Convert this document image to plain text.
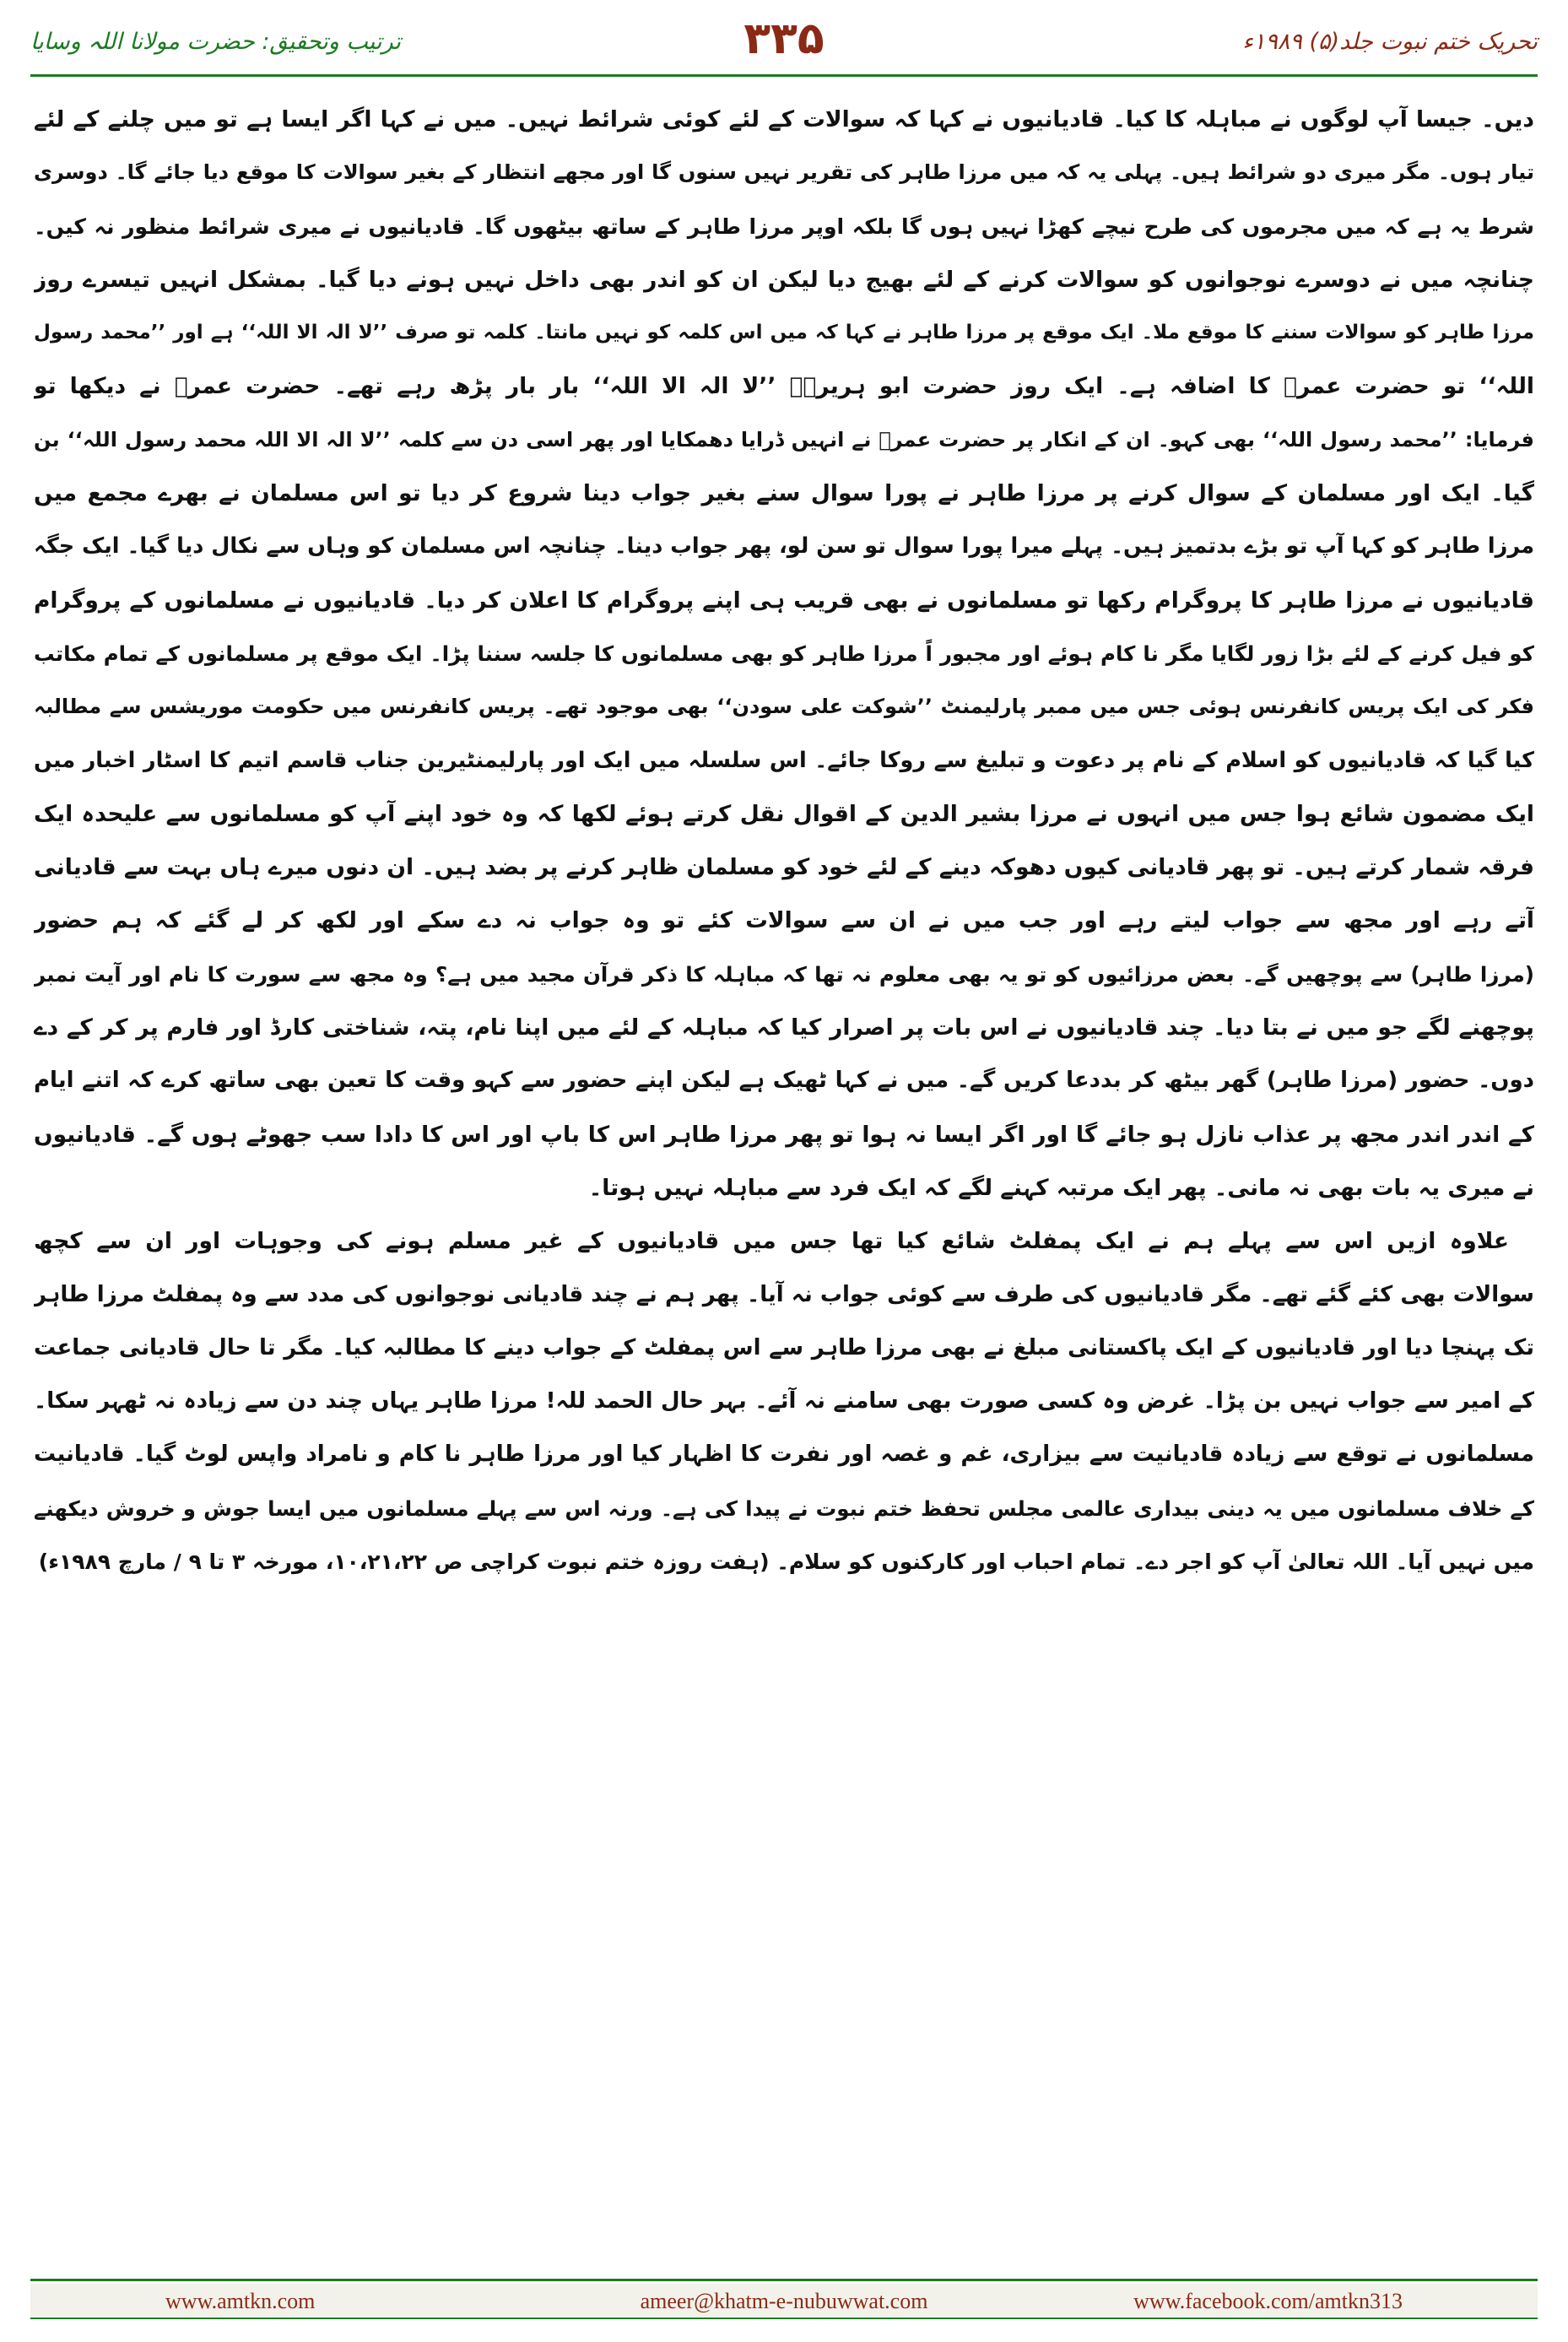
ترتیب وتحقیق: حضرت مولانا اللہ وسایا	۳۳۵	تحریک ختم نبوت جلد(۵) ۱۹۸۹ء
دیں۔ جیسا آپ لوگوں نے مباہلہ کا کیا۔ قادیانیوں نے کہا کہ سوالات کے لئے کوئی شرائط نہیں۔ میں نے کہا اگر ایسا ہے تو میں چلنے کے لئے
تیار ہوں۔ مگر میری دو شرائط ہیں۔ پہلی یہ کہ میں مرزا طاہر کی تقریر نہیں سنوں گا اور مجھے انتظار کے بغیر سوالات کا موقع دیا جائے گا۔ دوسری
شرط یہ ہے کہ میں مجرموں کی طرح نیچے کھڑا نہیں ہوں گا بلکہ اوپر مرزا طاہر کے ساتھ بیٹھوں گا۔ قادیانیوں نے میری شرائط منظور نہ کیں۔
چنانچہ میں نے دوسرے نوجوانوں کو سوالات کرنے کے لئے بھیج دیا لیکن ان کو اندر بھی داخل نہیں ہونے دیا گیا۔ بمشکل انہیں تیسرے روز
مرزا طاہر کو سوالات سننے کا موقع ملا۔ ایک موقع پر مرزا طاہر نے کہا کہ میں اس کلمہ کو نہیں مانتا۔ کلمہ تو صرف ’’لا الہ الا اللہ‘‘ ہے اور ’’محمد رسول
اللہ‘‘ تو حضرت عمرؓ کا اضافہ ہے۔ ایک روز حضرت ابو ہریرہؓ ’’لا الہ الا اللہ‘‘ بار بار پڑھ رہے تھے۔ حضرت عمرؓ نے دیکھا تو
فرمایا: ’’محمد رسول اللہ‘‘ بھی کہو۔ ان کے انکار پر حضرت عمرؓ نے انہیں ڈرایا دھمکایا اور پھر اسی دن سے کلمہ ’’لا الہ الا اللہ محمد رسول اللہ‘‘ بن
گیا۔ ایک اور مسلمان کے سوال کرنے پر مرزا طاہر نے پورا سوال سنے بغیر جواب دینا شروع کر دیا تو اس مسلمان نے بھرے مجمع میں
مرزا طاہر کو کہا آپ تو بڑے بدتمیز ہیں۔ پہلے میرا پورا سوال تو سن لو، پھر جواب دینا۔ چنانچہ اس مسلمان کو وہاں سے نکال دیا گیا۔ ایک جگہ
قادیانیوں نے مرزا طاہر کا پروگرام رکھا تو مسلمانوں نے بھی قریب ہی اپنے پروگرام کا اعلان کر دیا۔ قادیانیوں نے مسلمانوں کے پروگرام
کو فیل کرنے کے لئے بڑا زور لگایا مگر نا کام ہوئے اور مجبور اً مرزا طاہر کو بھی مسلمانوں کا جلسہ سننا پڑا۔ ایک موقع پر مسلمانوں کے تمام مکاتب
فکر کی ایک پریس کانفرنس ہوئی جس میں ممبر پارلیمنٹ ’’شوکت علی سودن‘‘ بھی موجود تھے۔ پریس کانفرنس میں حکومت موریشس سے مطالبہ
کیا گیا کہ قادیانیوں کو اسلام کے نام پر دعوت و تبلیغ سے روکا جائے۔ اس سلسلہ میں ایک اور پارلیمنٹیرین جناب قاسم اتیم کا اسٹار اخبار میں
ایک مضمون شائع ہوا جس میں انہوں نے مرزا بشیر الدین کے اقوال نقل کرتے ہوئے لکھا کہ وہ خود اپنے آپ کو مسلمانوں سے علیحدہ ایک
فرقہ شمار کرتے ہیں۔ تو پھر قادیانی کیوں دھوکہ دینے کے لئے خود کو مسلمان ظاہر کرنے پر بضد ہیں۔ ان دنوں میرے ہاں بہت سے قادیانی
آتے رہے اور مجھ سے جواب لیتے رہے اور جب میں نے ان سے سوالات کئے تو وہ جواب نہ دے سکے اور لکھ کر لے گئے کہ ہم حضور
(مرزا طاہر) سے پوچھیں گے۔ بعض مرزائیوں کو تو یہ بھی معلوم نہ تھا کہ مباہلہ کا ذکر قرآن مجید میں ہے؟ وہ مجھ سے سورت کا نام اور آیت نمبر
پوچھنے لگے جو میں نے بتا دیا۔ چند قادیانیوں نے اس بات پر اصرار کیا کہ مباہلہ کے لئے میں اپنا نام، پتہ، شناختی کارڈ اور فارم پر کر کے دے
دوں۔ حضور (مرزا طاہر) گھر بیٹھ کر بددعا کریں گے۔ میں نے کہا ٹھیک ہے لیکن اپنے حضور سے کہو وقت کا تعین بھی ساتھ کرے کہ اتنے ایام
کے اندر اندر مجھ پر عذاب نازل ہو جائے گا اور اگر ایسا نہ ہوا تو پھر مرزا طاہر اس کا باپ اور اس کا دادا سب جھوٹے ہوں گے۔ قادیانیوں
نے میری یہ بات بھی نہ مانی۔ پھر ایک مرتبہ کہنے لگے کہ ایک فرد سے مباہلہ نہیں ہوتا۔
علاوہ ازیں اس سے پہلے ہم نے ایک پمفلٹ شائع کیا تھا جس میں قادیانیوں کے غیر مسلم ہونے کی وجوہات اور ان سے کچھ
سوالات بھی کئے گئے تھے۔ مگر قادیانیوں کی طرف سے کوئی جواب نہ آیا۔ پھر ہم نے چند قادیانی نوجوانوں کی مدد سے وہ پمفلٹ مرزا طاہر
تک پہنچا دیا اور قادیانیوں کے ایک پاکستانی مبلغ نے بھی مرزا طاہر سے اس پمفلٹ کے جواب دینے کا مطالبہ کیا۔ مگر تا حال قادیانی جماعت
کے امیر سے جواب نہیں بن پڑا۔ غرض وہ کسی صورت بھی سامنے نہ آئے۔ بہر حال الحمد للہ! مرزا طاہر یہاں چند دن سے زیادہ نہ ٹھہر سکا۔
مسلمانوں نے توقع سے زیادہ قادیانیت سے بیزاری، غم و غصہ اور نفرت کا اظہار کیا اور مرزا طاہر نا کام و نامراد واپس لوٹ گیا۔ قادیانیت
کے خلاف مسلمانوں میں یہ دینی بیداری عالمی مجلس تحفظ ختم نبوت نے پیدا کی ہے۔ ورنہ اس سے پہلے مسلمانوں میں ایسا جوش و خروش دیکھنے
میں نہیں آیا۔ اللہ تعالیٰ آپ کو اجر دے۔ تمام احباب اور کارکنوں کو سلام۔ (ہفت روزہ ختم نبوت کراچی ص ۱۰،۲۱،۲۲، مورخہ ۳ تا ۹ / مارچ ۱۹۸۹ء)
www.amtkn.com	ameer@khatm-e-nubuwwat.com	www.facebook.com/amtkn313
